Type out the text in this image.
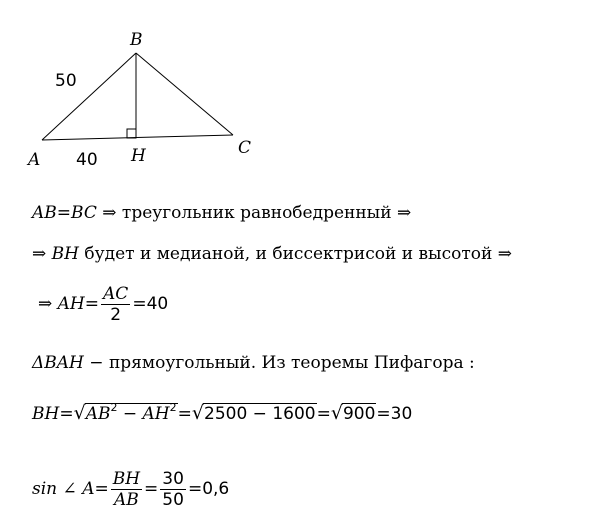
B
A
C
H
50
40
AB=BC ⇒ треугольник равнобедренный ⇒
⇒ BH будет и медианой, и биссектрисой и высотой ⇒
⇒ $AH= \frac{AC}{2} =40$
ΔBAH − прямоугольный. Из теоремы Пифагора :
$BH=√AB^2 - AH^2=√2500 - 1600=√900=30$
sin ∠ $A= \frac{BH}{AB} = \frac{30}{50} =0,6$
